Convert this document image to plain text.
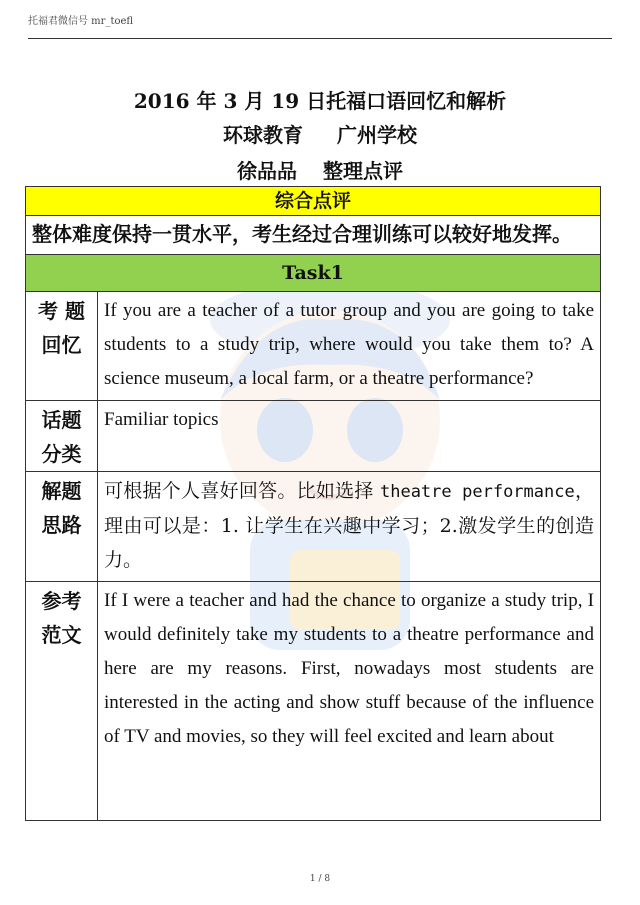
托福君微信号 mr_toefl
2016 年 3 月 19 日托福口语回忆和解析
环球教育 广州学校
徐品品 整理点评
综合点评	
整体难度保持一贯水平，考生经过合理训练可以较好地发挥。	
Task1	

考 题
回忆	If you are a teacher of a tutor group and you are going to take students to a study trip, where would you take them to? A science museum, a local farm, or a theatre performance?

话题
分类	Familiar topics

解题
思路	可根据个人喜好回答。比如选择 theatre performance，理由可以是：1. 让学生在兴趣中学习；2.激发学生的创造力。

参考
范文	If I were a teacher and had the chance to organize a study trip, I would definitely take my students to a theatre performance and here are my reasons. First, nowadays most students are interested in the acting and show stuff because of the influence of TV and movies, so they will feel excited and learn about
1 / 8
